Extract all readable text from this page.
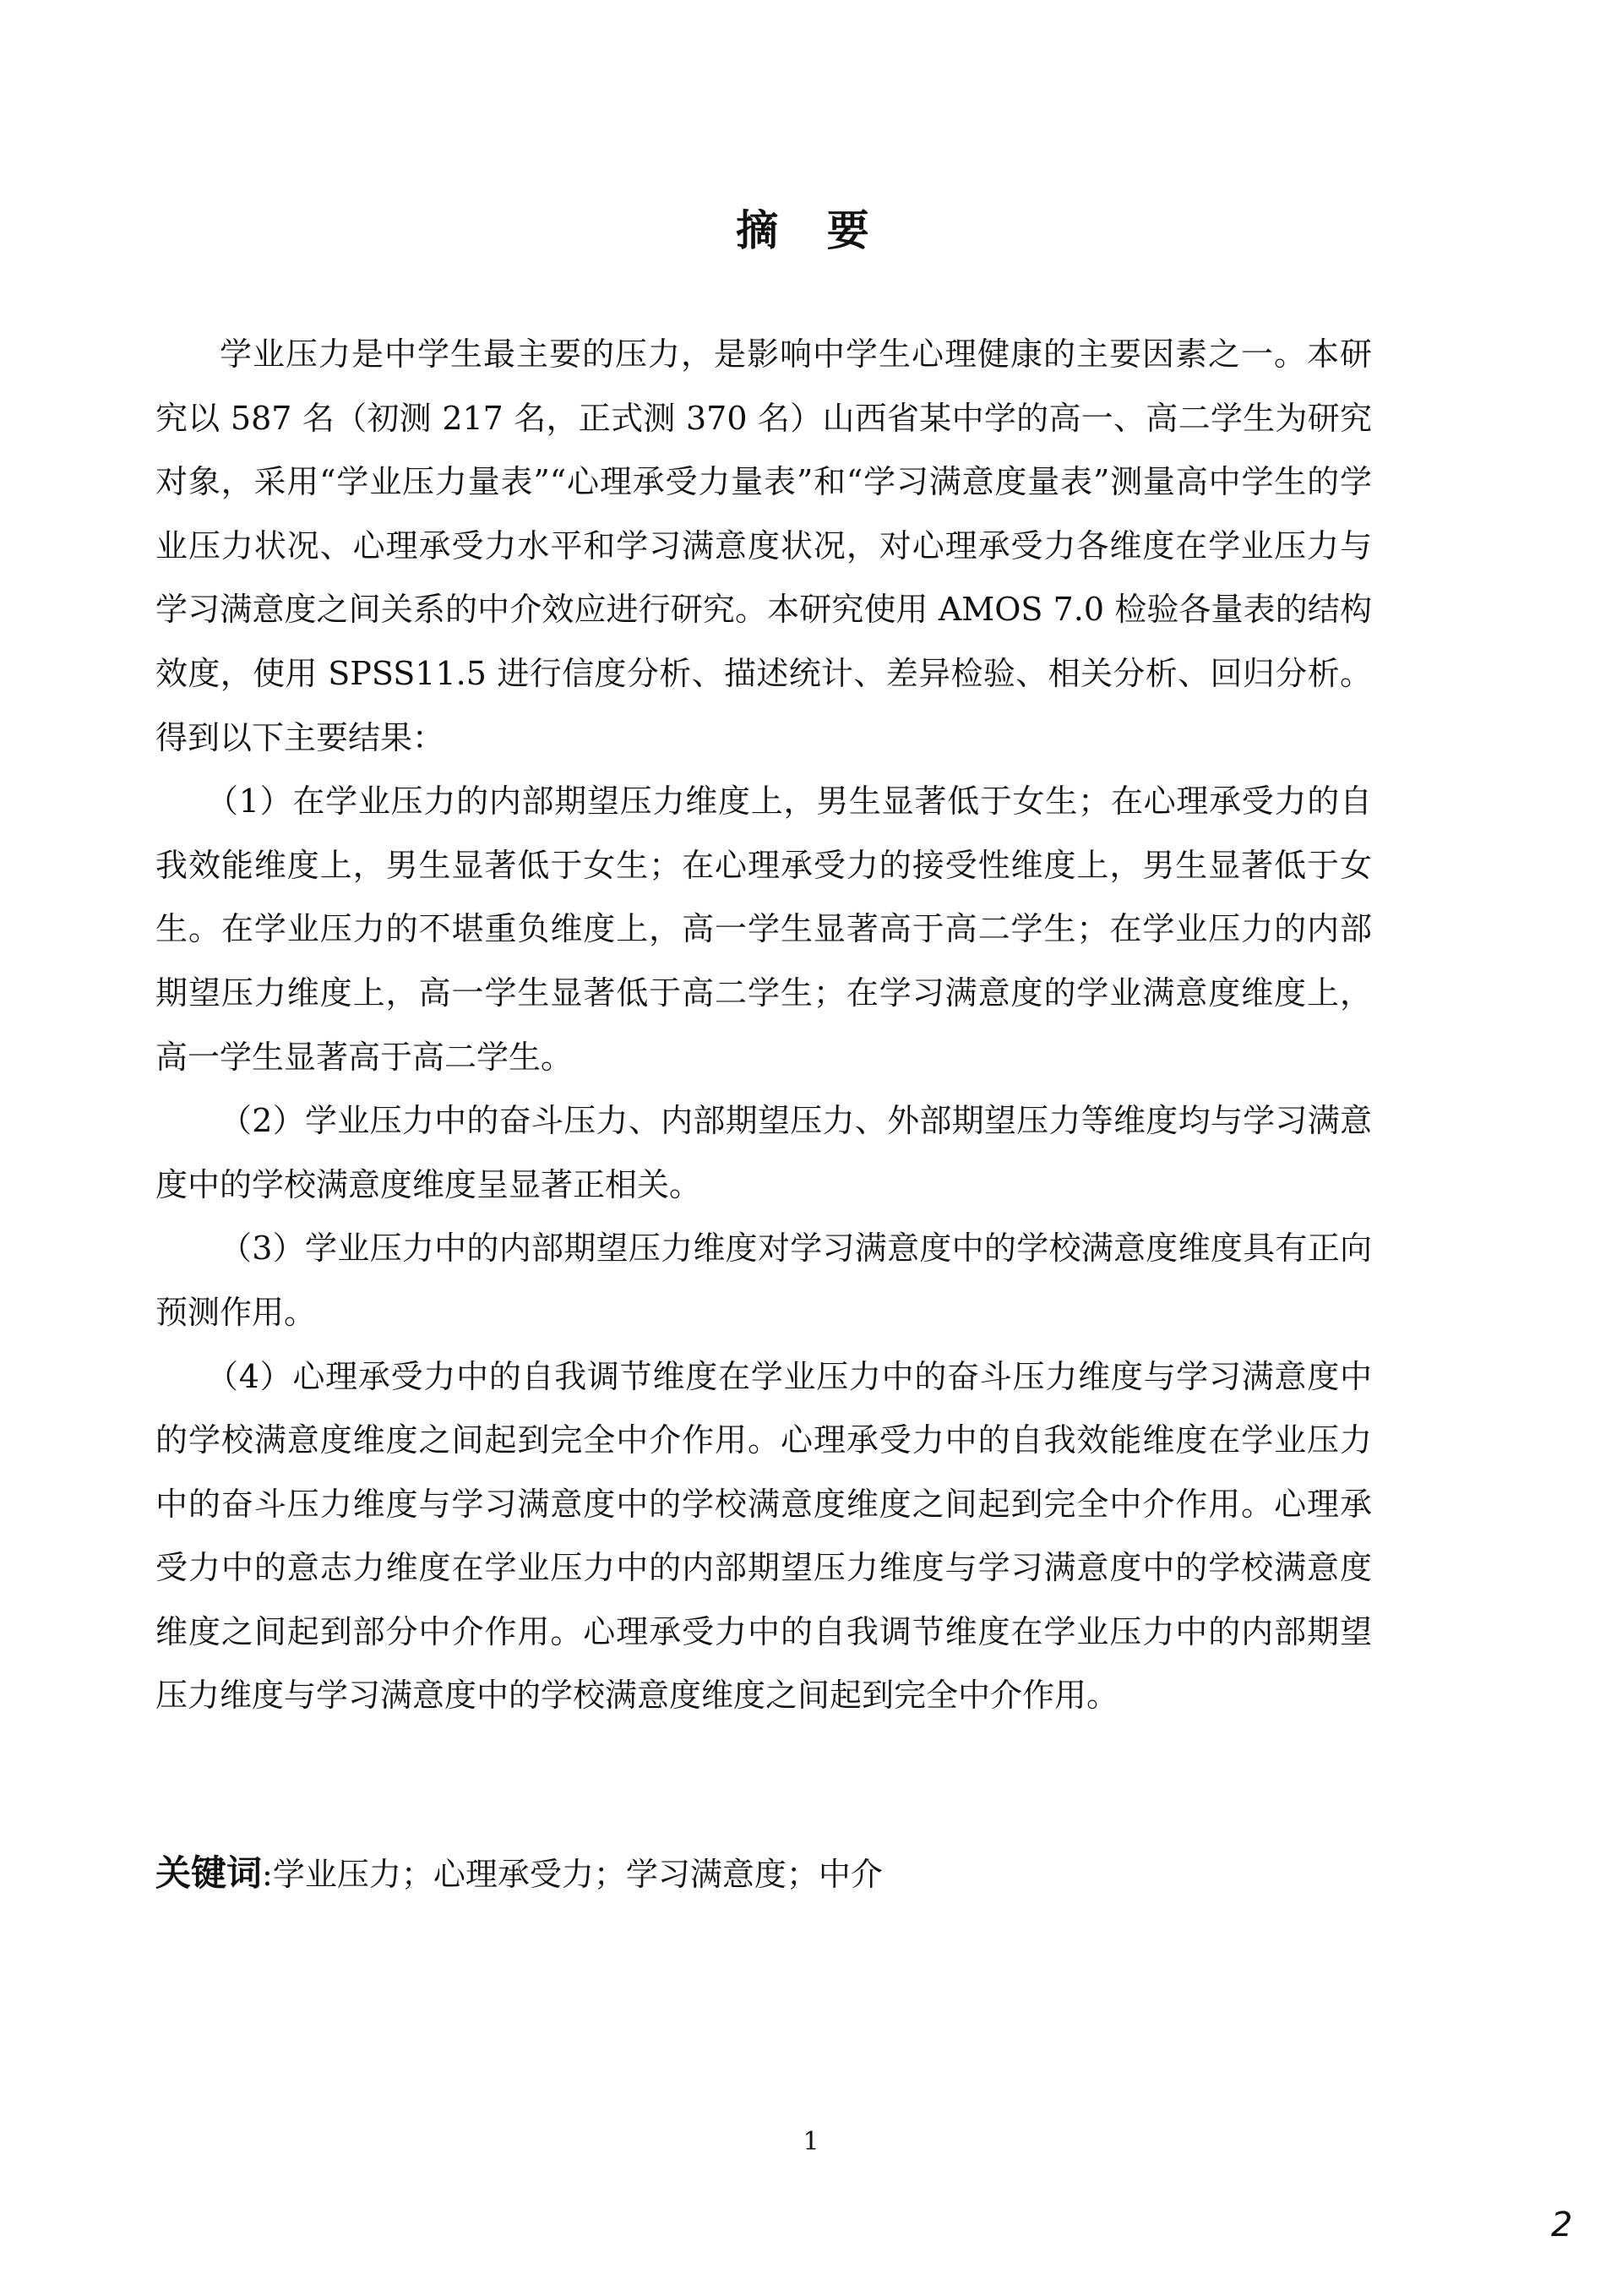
摘 要

学业压力是中学生最主要的压力，是影响中学生心理健康的主要因素之一。本研究以 587 名（初测 217 名，正式测 370 名）山西省某中学的高一、高二学生为研究对象，采用“学业压力量表”“心理承受力量表”和“学习满意度量表”测量高中学生的学业压力状况、心理承受力水平和学习满意度状况，对心理承受力各维度在学业压力与学习满意度之间关系的中介效应进行研究。本研究使用 AMOS 7.0 检验各量表的结构效度，使用 SPSS11.5 进行信度分析、描述统计、差异检验、相关分析、回归分析。得到以下主要结果：

（1）在学业压力的内部期望压力维度上，男生显著低于女生；在心理承受力的自我效能维度上，男生显著低于女生；在心理承受力的接受性维度上，男生显著低于女生。在学业压力的不堪重负维度上，高一学生显著高于高二学生；在学业压力的内部期望压力维度上，高一学生显著低于高二学生；在学习满意度的学业满意度维度上，高一学生显著高于高二学生。

（2）学业压力中的奋斗压力、内部期望压力、外部期望压力等维度均与学习满意度中的学校满意度维度呈显著正相关。

（3）学业压力中的内部期望压力维度对学习满意度中的学校满意度维度具有正向预测作用。

（4）心理承受力中的自我调节维度在学业压力中的奋斗压力维度与学习满意度中的学校满意度维度之间起到完全中介作用。心理承受力中的自我效能维度在学业压力中的奋斗压力维度与学习满意度中的学校满意度维度之间起到完全中介作用。心理承受力中的意志力维度在学业压力中的内部期望压力维度与学习满意度中的学校满意度维度之间起到部分中介作用。心理承受力中的自我调节维度在学业压力中的内部期望压力维度与学习满意度中的学校满意度维度之间起到完全中介作用。

关键词:学业压力；心理承受力；学习满意度；中介
1
2
